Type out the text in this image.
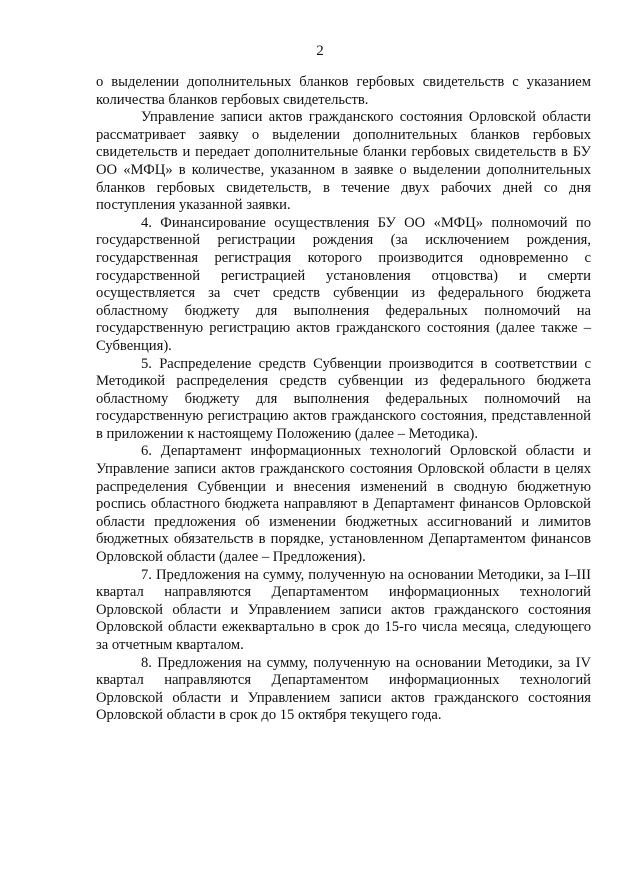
2

о выделении дополнительных бланков гербовых свидетельств с указанием количества бланков гербовых свидетельств.

Управление записи актов гражданского состояния Орловской области рассматривает заявку о выделении дополнительных бланков гербовых свидетельств и передает дополнительные бланки гербовых свидетельств в БУ ОО «МФЦ» в количестве, указанном в заявке о выделении дополнительных бланков гербовых свидетельств, в течение двух рабочих дней со дня поступления указанной заявки.

4. Финансирование осуществления БУ ОО «МФЦ» полномочий по государственной регистрации рождения (за исключением рождения, государственная регистрация которого производится одновременно с государственной регистрацией установления отцовства) и смерти осуществляется за счет средств субвенции из федерального бюджета областному бюджету для выполнения федеральных полномочий на государственную регистрацию актов гражданского состояния (далее также – Субвенция).

5. Распределение средств Субвенции производится в соответствии с Методикой распределения средств субвенции из федерального бюджета областному бюджету для выполнения федеральных полномочий на государственную регистрацию актов гражданского состояния, представленной в приложении к настоящему Положению (далее – Методика).

6. Департамент информационных технологий Орловской области и Управление записи актов гражданского состояния Орловской области в целях распределения Субвенции и внесения изменений в сводную бюджетную роспись областного бюджета направляют в Департамент финансов Орловской области предложения об изменении бюджетных ассигнований и лимитов бюджетных обязательств в порядке, установленном Департаментом финансов Орловской области (далее – Предложения).

7. Предложения на сумму, полученную на основании Методики, за I–III квартал направляются Департаментом информационных технологий Орловской области и Управлением записи актов гражданского состояния Орловской области ежеквартально в срок до 15-го числа месяца, следующего за отчетным кварталом.

8. Предложения на сумму, полученную на основании Методики, за IV квартал направляются Департаментом информационных технологий Орловской области и Управлением записи актов гражданского состояния Орловской области в срок до 15 октября текущего года.
